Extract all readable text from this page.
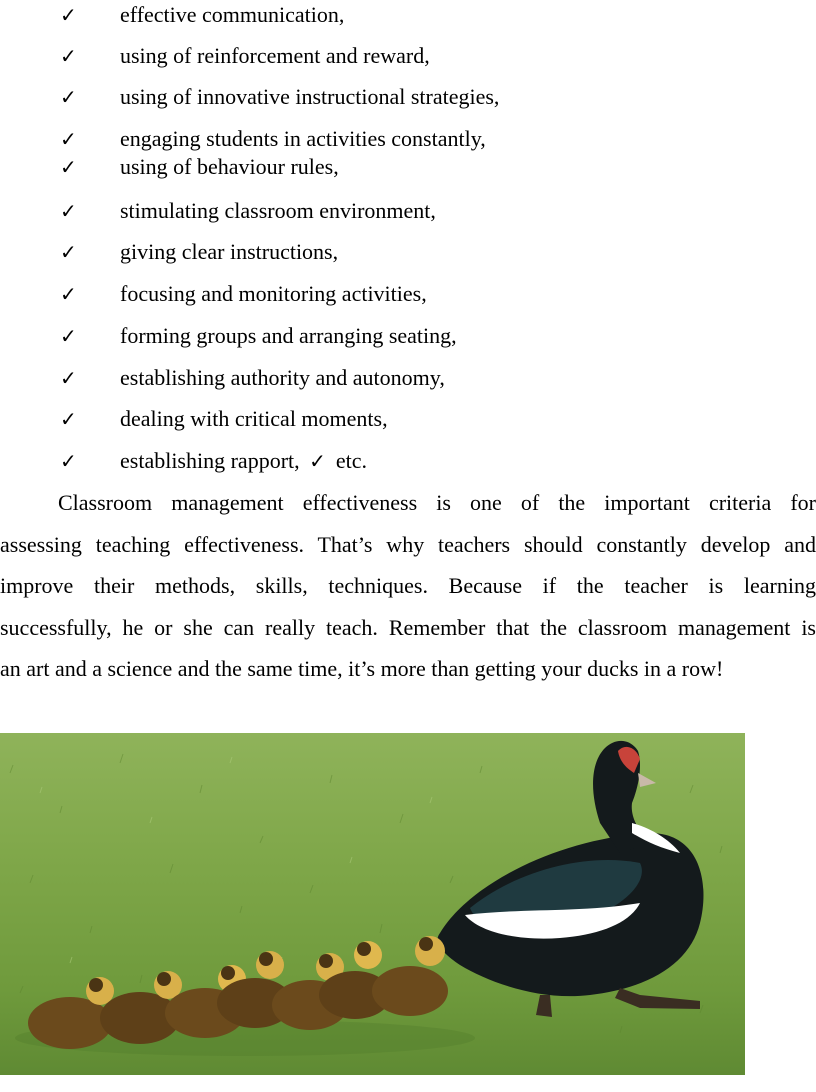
✓ effective communication,
✓ using of reinforcement and reward,
✓ using of innovative instructional strategies,
✓ engaging students in activities constantly,
✓ using of behaviour rules,
✓ stimulating classroom environment,
✓ giving clear instructions,
✓ focusing and monitoring activities,
✓ forming groups and arranging seating,
✓ establishing authority and autonomy,
✓ dealing with critical moments,
✓ establishing rapport, ✓ etc.
Classroom management effectiveness is one of the important criteria for
assessing teaching effectiveness. That’s why teachers should constantly develop and
improve their methods, skills, techniques. Because if the teacher is learning
successfully, he or she can really teach. Remember that the classroom management is
an art and a science and the same time, it’s more than getting your ducks in a row!
